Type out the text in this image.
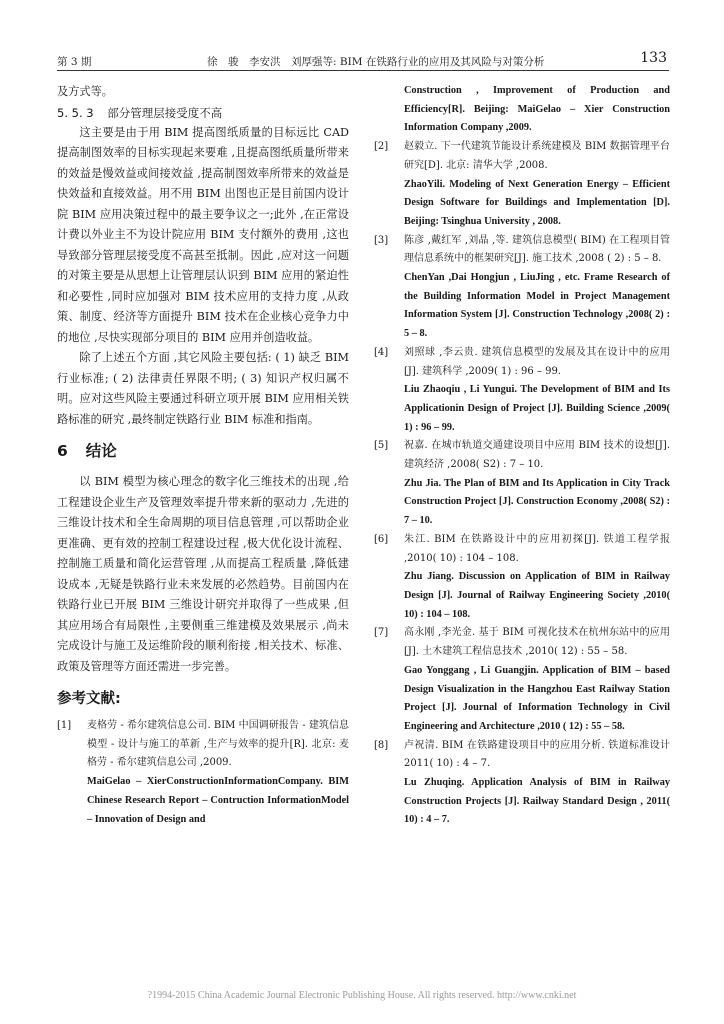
第 3 期	徐　骏　李安洪　刘厚强等: BIM 在铁路行业的应用及其风险与对策分析	133

及方式等。

5. 5. 3 部分管理层接受度不高

这主要是由于用 BIM 提高图纸质量的目标远比 CAD 提高制图效率的目标实现起来要难 ,且提高图纸质量所带来的效益是慢效益或间接效益 ,提高制图效率所带来的效益是快效益和直接效益。用不用 BIM 出图也正是目前国内设计院 BIM 应用决策过程中的最主要争议之一;此外 ,在正常设计费以外业主不为设计院应用 BIM 支付额外的费用 ,这也导致部分管理层接受度不高甚至抵制。因此 ,应对这一问题的对策主要是从思想上让管理层认识到 BIM 应用的紧迫性和必要性 ,同时应加强对 BIM 技术应用的支持力度 ,从政策、制度、经济等方面提升 BIM 技术在企业核心竞争力中的地位 ,尽快实现部分项目的 BIM 应用并创造收益。

除了上述五个方面 ,其它风险主要包括: ( 1) 缺乏 BIM 行业标准; ( 2) 法律责任界限不明; ( 3) 知识产权归属不明。应对这些风险主要通过科研立项开展 BIM 应用相关铁路标准的研究 ,最终制定铁路行业 BIM 标准和指南。

6 结论

以 BIM 模型为核心理念的数字化三维技术的出现 ,给工程建设企业生产及管理效率提升带来新的驱动力 ,先进的三维设计技术和全生命周期的项目信息管理 ,可以帮助企业更准确、更有效的控制工程建设过程 ,极大优化设计流程、控制施工质量和简化运营管理 ,从而提高工程质量 ,降低建设成本 ,无疑是铁路行业未来发展的必然趋势。目前国内在铁路行业已开展 BIM 三维设计研究并取得了一些成果 ,但其应用场合有局限性 ,主要侧重三维建模及效果展示 ,尚未完成设计与施工及运维阶段的顺利衔接 ,相关技术、标准、政策及管理等方面还需进一步完善。

参考文献:
[1] 麦格劳 - 希尔建筑信息公司. BIM 中国调研报告 - 建筑信息模型 - 设计与施工的革新 ,生产与效率的提升[R]. 北京: 麦格劳 - 希尔建筑信息公司 ,2009.
MaiGelao – XierConstructionInformationCompany. BIM Chinese Research Report – Contruction InformationModel – Innovation of Design and
Construction , Improvement of Production and Efficiency[R]. Beijing: MaiGelao – Xier Construction Information Company ,2009.
[2] 赵毅立. 下一代建筑节能设计系统建模及 BIM 数据管理平台研究[D]. 北京: 清华大学 ,2008.
ZhaoYili. Modeling of Next Generation Energy – Efficient Design Software for Buildings and Implementation [D]. Beijing: Tsinghua University , 2008.
[3] 陈彦 ,戴红军 ,刘晶 ,等. 建筑信息模型( BIM) 在工程项目管理信息系统中的框架研究[J]. 施工技术 ,2008 ( 2) : 5 – 8.
ChenYan ,Dai Hongjun , LiuJing , etc. Frame Research of the Building Information Model in Project Management Information System [J]. Construction Technology ,2008( 2) : 5 – 8.
[4] 刘照球 ,李云贵. 建筑信息模型的发展及其在设计中的应用[J]. 建筑科学 ,2009( 1) : 96 – 99.
Liu Zhaoqiu , Li Yungui. The Development of BIM and Its Applicationin Design of Project [J]. Building Science ,2009( 1) : 96 – 99.
[5] 祝嘉. 在城市轨道交通建设项目中应用 BIM 技术的设想[J]. 建筑经济 ,2008( S2) : 7 – 10.
Zhu Jia. The Plan of BIM and Its Application in City Track Construction Project [J]. Construction Economy ,2008( S2) : 7 – 10.
[6] 朱江. BIM 在铁路设计中的应用初探[J]. 铁道工程学报 ,2010( 10) : 104 – 108.
Zhu Jiang. Discussion on Application of BIM in Railway Design [J]. Journal of Railway Engineering Society ,2010( 10) : 104 – 108.
[7] 高永刚 ,李光金. 基于 BIM 可视化技术在杭州东站中的应用[J]. 土木建筑工程信息技术 ,2010( 12) : 55 – 58.
Gao Yonggang , Li Guangjin. Application of BIM – based Design Visualization in the Hangzhou East Railway Station Project [J]. Journal of Information Technology in Civil Engineering and Architecture ,2010 ( 12) : 55 – 58.
[8] 卢祝清. BIM 在铁路建设项目中的应用分析. 铁道标准设计 2011( 10) : 4 – 7.
Lu Zhuqing. Application Analysis of BIM in Railway Construction Projects [J]. Railway Standard Design , 2011( 10) : 4 – 7.
?1994-2015 China Academic Journal Electronic Publishing House. All rights reserved. http://www.cnki.net
